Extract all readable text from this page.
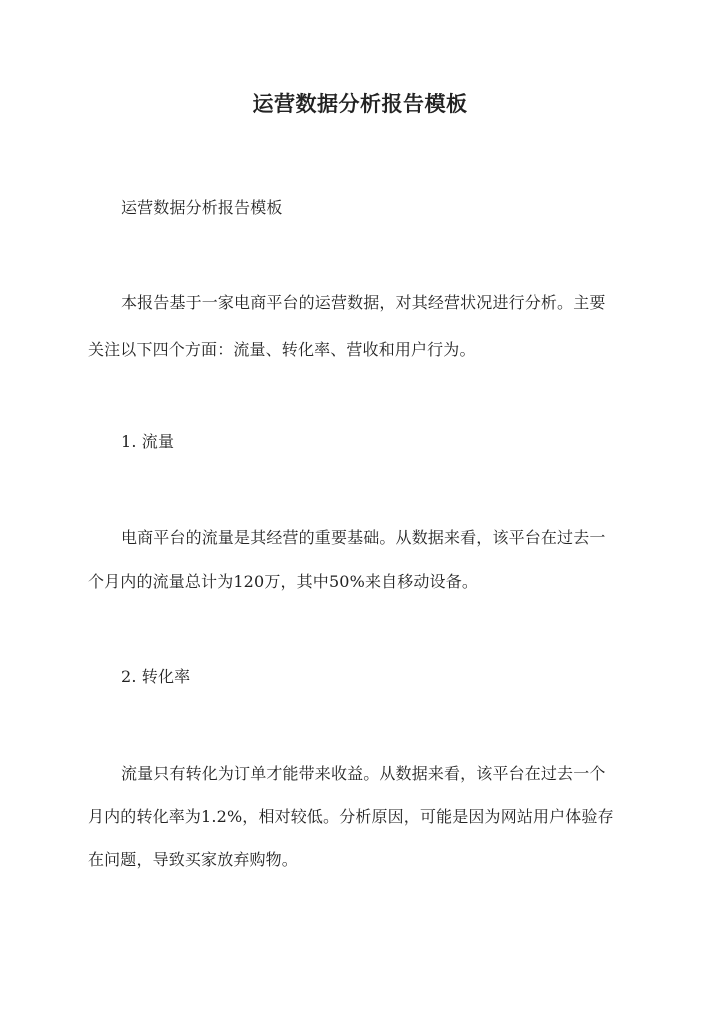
运营数据分析报告模板
运营数据分析报告模板
本报告基于一家电商平台的运营数据，对其经营状况进行分析。主要
关注以下四个方面：流量、转化率、营收和用户行为。
1. 流量
电商平台的流量是其经营的重要基础。从数据来看，该平台在过去一
个月内的流量总计为120万，其中50%来自移动设备。
2. 转化率
流量只有转化为订单才能带来收益。从数据来看，该平台在过去一个
月内的转化率为1.2%，相对较低。分析原因，可能是因为网站用户体验存
在问题，导致买家放弃购物。
